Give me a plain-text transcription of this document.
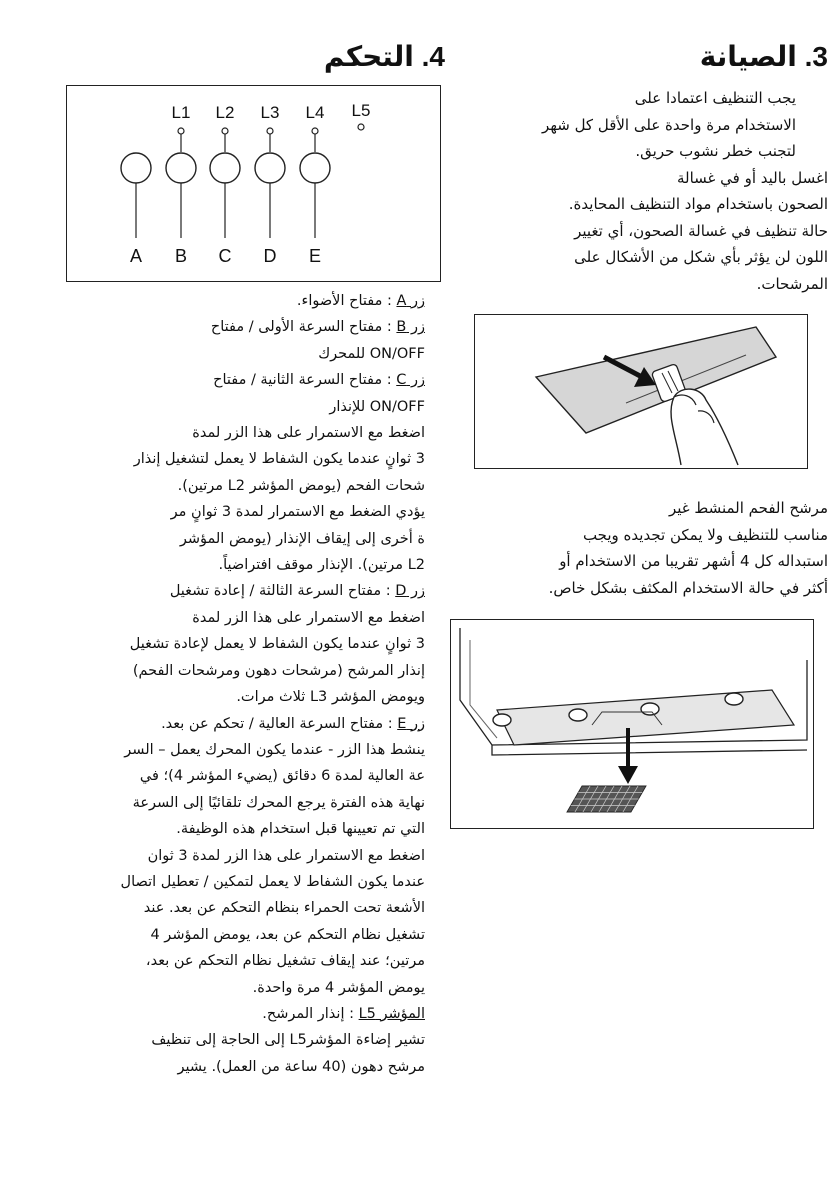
3. الصيانة

يجب التنظيف اعتمادا على
الاستخدام مرة واحدة على الأقل كل شهر
لتجنب خطر نشوب حريق.

اغسل باليد أو في غسالة
الصحون باستخدام مواد التنظيف المحايدة.
حالة تنظيف في غسالة الصحون، أي تغيير
اللون لن يؤثر بأي شكل من الأشكال على
المرشحات.

مرشح الفحم المنشط غير
مناسب للتنظيف ولا يمكن تجديده ويجب
استبداله كل 4 أشهر تقريبا من الاستخدام أو
أكثر في حالة الاستخدام المكثف بشكل خاص.

4. التحكم
L1 L2 L3 L4 L5
A B C D E

زر A : مفتاح الأضواء.

زر B : مفتاح السرعة الأولى / مفتاح
ON/OFF للمحرك

زر C : مفتاح السرعة الثانية / مفتاح
ON/OFF للإنذار
اضغط مع الاستمرار على هذا الزر لمدة
3 ثوانٍ عندما يكون الشفاط لا يعمل لتشغيل إنذار
شحات الفحم (يومض المؤشر L2 مرتين).
يؤدي الضغط مع الاستمرار لمدة 3 ثوانٍ مر
ة أخرى إلى إيقاف الإنذار (يومض المؤشر
L2 مرتين). الإنذار موقف افتراضياً.

زر D : مفتاح السرعة الثالثة / إعادة تشغيل
اضغط مع الاستمرار على هذا الزر لمدة
3 ثوانٍ عندما يكون الشفاط لا يعمل لإعادة تشغيل
إنذار المرشح (مرشحات دهون ومرشحات الفحم)
ويومض المؤشر L3 ثلاث مرات.

زر E : مفتاح السرعة العالية / تحكم عن بعد.
ينشط هذا الزر - عندما يكون المحرك يعمل – السر
عة العالية لمدة 6 دقائق (يضيء المؤشر 4)؛ في
نهاية هذه الفترة يرجع المحرك تلقائيًا إلى السرعة
التي تم تعيينها قبل استخدام هذه الوظيفة.
اضغط مع الاستمرار على هذا الزر لمدة 3 ثوان
عندما يكون الشفاط لا يعمل لتمكين / تعطيل اتصال
الأشعة تحت الحمراء بنظام التحكم عن بعد. عند
تشغيل نظام التحكم عن بعد، يومض المؤشر 4
مرتين؛ عند إيقاف تشغيل نظام التحكم عن بعد،
يومض المؤشر 4 مرة واحدة.

المؤشر L5 : إنذار المرشح.
تشير إضاءة المؤشرL5 إلى الحاجة إلى تنظيف
مرشح دهون (40 ساعة من العمل). يشير
